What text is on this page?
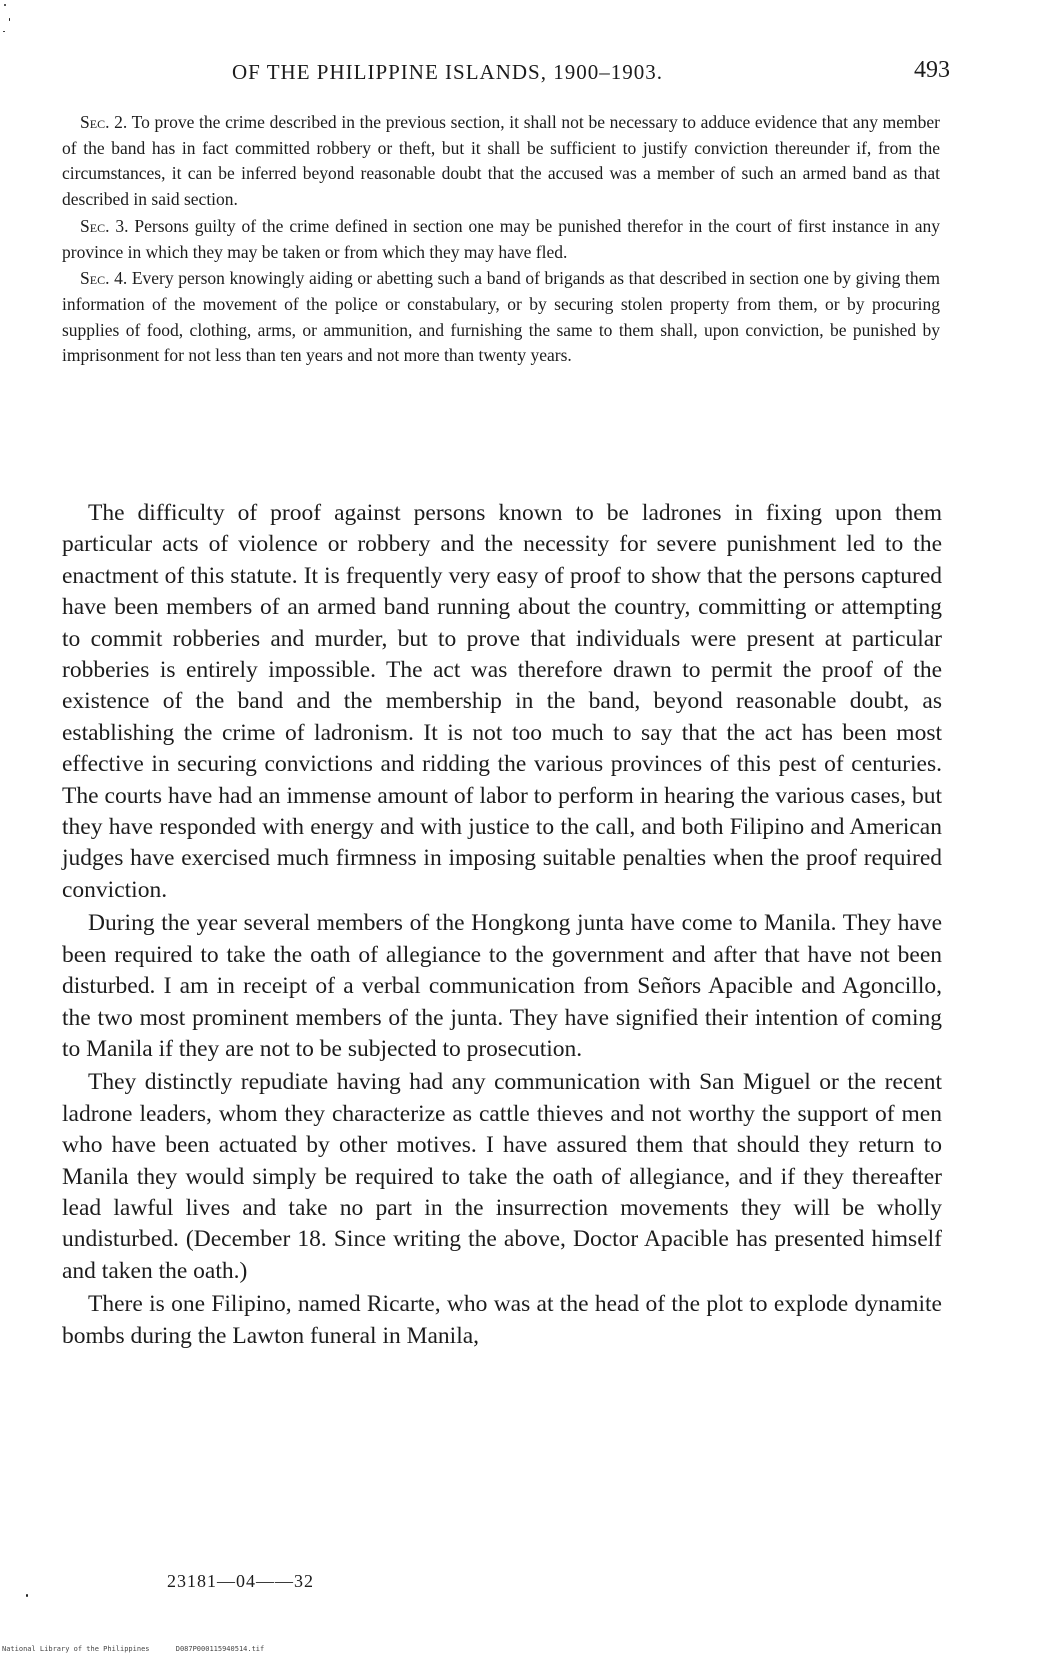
OF THE PHILIPPINE ISLANDS, 1900–1903.	493

Sec. 2. To prove the crime described in the previous section, it shall not be necessary to adduce evidence that any member of the band has in fact committed robbery or theft, but it shall be sufficient to justify conviction thereunder if, from the circumstances, it can be inferred beyond reasonable doubt that the accused was a member of such an armed band as that described in said section.

Sec. 3. Persons guilty of the crime defined in section one may be punished therefor in the court of first instance in any province in which they may be taken or from which they may have fled.

Sec. 4. Every person knowingly aiding or abetting such a band of brigands as that described in section one by giving them information of the movement of the police or constabulary, or by securing stolen property from them, or by procuring supplies of food, clothing, arms, or ammunition, and furnishing the same to them shall, upon conviction, be punished by imprisonment for not less than ten years and not more than twenty years.

The difficulty of proof against persons known to be ladrones in fixing upon them particular acts of violence or robbery and the necessity for severe punishment led to the enactment of this statute. It is frequently very easy of proof to show that the persons captured have been members of an armed band running about the country, committing or attempting to commit robberies and murder, but to prove that individuals were present at particular robberies is entirely impossible. The act was therefore drawn to permit the proof of the existence of the band and the membership in the band, beyond reasonable doubt, as establishing the crime of ladronism. It is not too much to say that the act has been most effective in securing convictions and ridding the various provinces of this pest of centuries. The courts have had an immense amount of labor to perform in hearing the various cases, but they have responded with energy and with justice to the call, and both Filipino and American judges have exercised much firmness in imposing suitable penalties when the proof required conviction.

During the year several members of the Hongkong junta have come to Manila. They have been required to take the oath of allegiance to the government and after that have not been disturbed. I am in receipt of a verbal communication from Señors Apacible and Agoncillo, the two most prominent members of the junta. They have signified their intention of coming to Manila if they are not to be subjected to prosecution.

They distinctly repudiate having had any communication with San Miguel or the recent ladrone leaders, whom they characterize as cattle thieves and not worthy the support of men who have been actuated by other motives. I have assured them that should they return to Manila they would simply be required to take the oath of allegiance, and if they thereafter lead lawful lives and take no part in the insurrection movements they will be wholly undisturbed. (December 18. Since writing the above, Doctor Apacible has presented himself and taken the oath.)

There is one Filipino, named Ricarte, who was at the head of the plot to explode dynamite bombs during the Lawton funeral in Manila,

23181—04——32
National Library of the Philippines	D087P000115940514.tif
